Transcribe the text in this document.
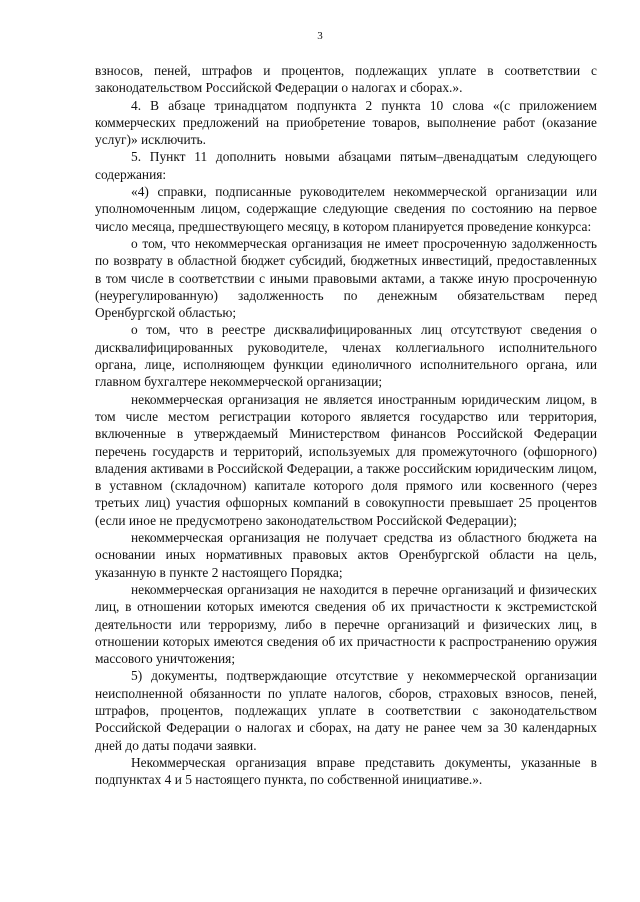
3

взносов, пеней, штрафов и процентов, подлежащих уплате в соответствии с законодательством Российской Федерации о налогах и сборах.».

4. В абзаце тринадцатом подпункта 2 пункта 10 слова «(с приложением коммерческих предложений на приобретение товаров, выполнение работ (оказание услуг)» исключить.

5. Пункт 11 дополнить новыми абзацами пятым–двенадцатым следующего содержания:

«4) справки, подписанные руководителем некоммерческой организации или уполномоченным лицом, содержащие следующие сведения по состоянию на первое число месяца, предшествующего месяцу, в котором планируется проведение конкурса:

о том, что некоммерческая организация не имеет просроченную задолженность по возврату в областной бюджет субсидий, бюджетных инвестиций, предоставленных в том числе в соответствии с иными правовыми актами, а также иную просроченную (неурегулированную) задолженность по денежным обязательствам перед Оренбургской областью;

о том, что в реестре дисквалифицированных лиц отсутствуют сведения о дисквалифицированных руководителе, членах коллегиального исполнительного органа, лице, исполняющем функции единоличного исполнительного органа, или главном бухгалтере некоммерческой организации;

некоммерческая организация не является иностранным юридическим лицом, в том числе местом регистрации которого является государство или территория, включенные в утверждаемый Министерством финансов Российской Федерации перечень государств и территорий, используемых для промежуточного (офшорного) владения активами в Российской Федерации, а также российским юридическим лицом, в уставном (складочном) капитале которого доля прямого или косвенного (через третьих лиц) участия офшорных компаний в совокупности превышает 25 процентов (если иное не предусмотрено законодательством Российской Федерации);

некоммерческая организация не получает средства из областного бюджета на основании иных нормативных правовых актов Оренбургской области на цель, указанную в пункте 2 настоящего Порядка;

некоммерческая организация не находится в перечне организаций и физических лиц, в отношении которых имеются сведения об их причастности к экстремистской деятельности или терроризму, либо в перечне организаций и физических лиц, в отношении которых имеются сведения об их причастности к распространению оружия массового уничтожения;

5) документы, подтверждающие отсутствие у некоммерческой организации неисполненной обязанности по уплате налогов, сборов, страховых взносов, пеней, штрафов, процентов, подлежащих уплате в соответствии с законодательством Российской Федерации о налогах и сборах, на дату не ранее чем за 30 календарных дней до даты подачи заявки.

Некоммерческая организация вправе представить документы, указанные в подпунктах 4 и 5 настоящего пункта, по собственной инициативе.».
